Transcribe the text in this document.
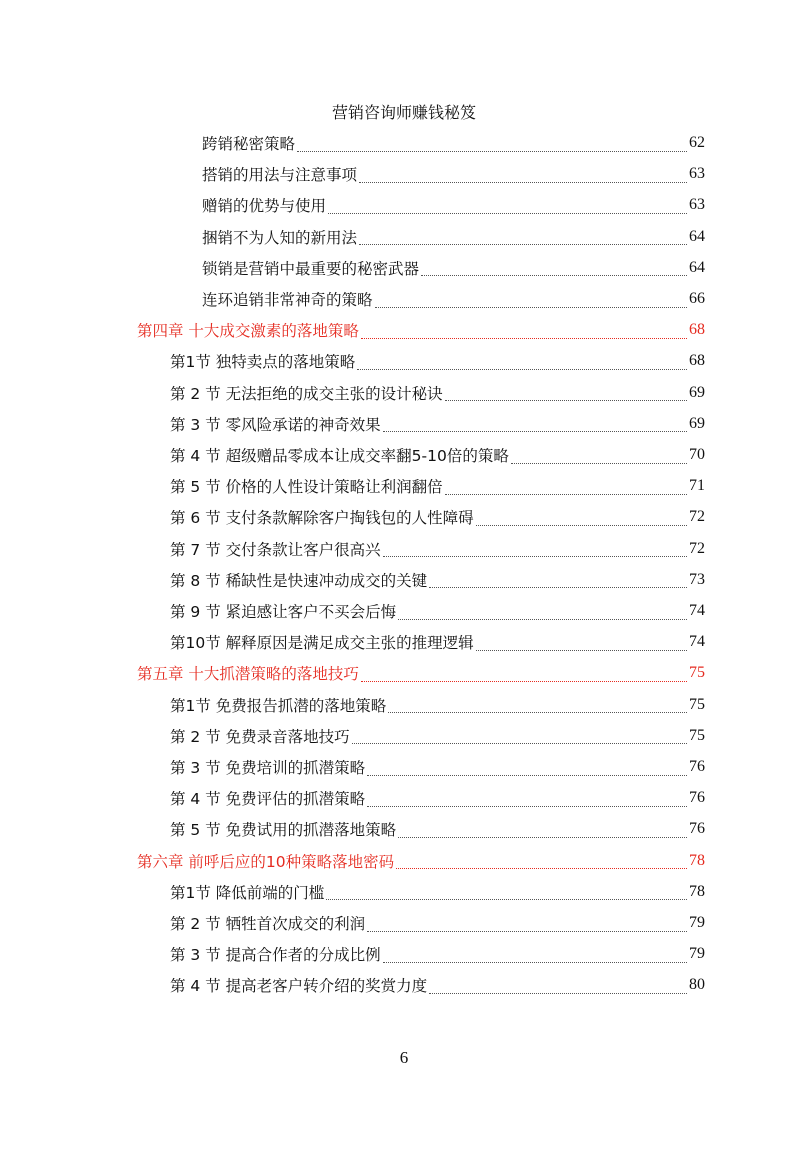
营销咨询师赚钱秘笈
跨销秘密策略	62
搭销的用法与注意事项	63
赠销的优势与使用	63
捆销不为人知的新用法	64
锁销是营销中最重要的秘密武器	64
连环追销非常神奇的策略	66
第四章 十大成交激素的落地策略	68
第1节 独特卖点的落地策略	68
第 2 节 无法拒绝的成交主张的设计秘诀	69
第 3 节 零风险承诺的神奇效果	69
第 4 节 超级赠品零成本让成交率翻5-10倍的策略	70
第 5 节 价格的人性设计策略让利润翻倍	71
第 6 节 支付条款解除客户掏钱包的人性障碍	72
第 7 节 交付条款让客户很高兴	72
第 8 节 稀缺性是快速冲动成交的关键	73
第 9 节 紧迫感让客户不买会后悔	74
第10节 解释原因是满足成交主张的推理逻辑	74
第五章 十大抓潜策略的落地技巧	75
第1节 免费报告抓潜的落地策略	75
第 2 节 免费录音落地技巧	75
第 3 节 免费培训的抓潜策略	76
第 4 节 免费评估的抓潜策略	76
第 5 节 免费试用的抓潜落地策略	76
第六章 前呼后应的10种策略落地密码	78
第1节 降低前端的门槛	78
第 2 节 牺牲首次成交的利润	79
第 3 节 提高合作者的分成比例	79
第 4 节 提高老客户转介绍的奖赏力度	80
6
